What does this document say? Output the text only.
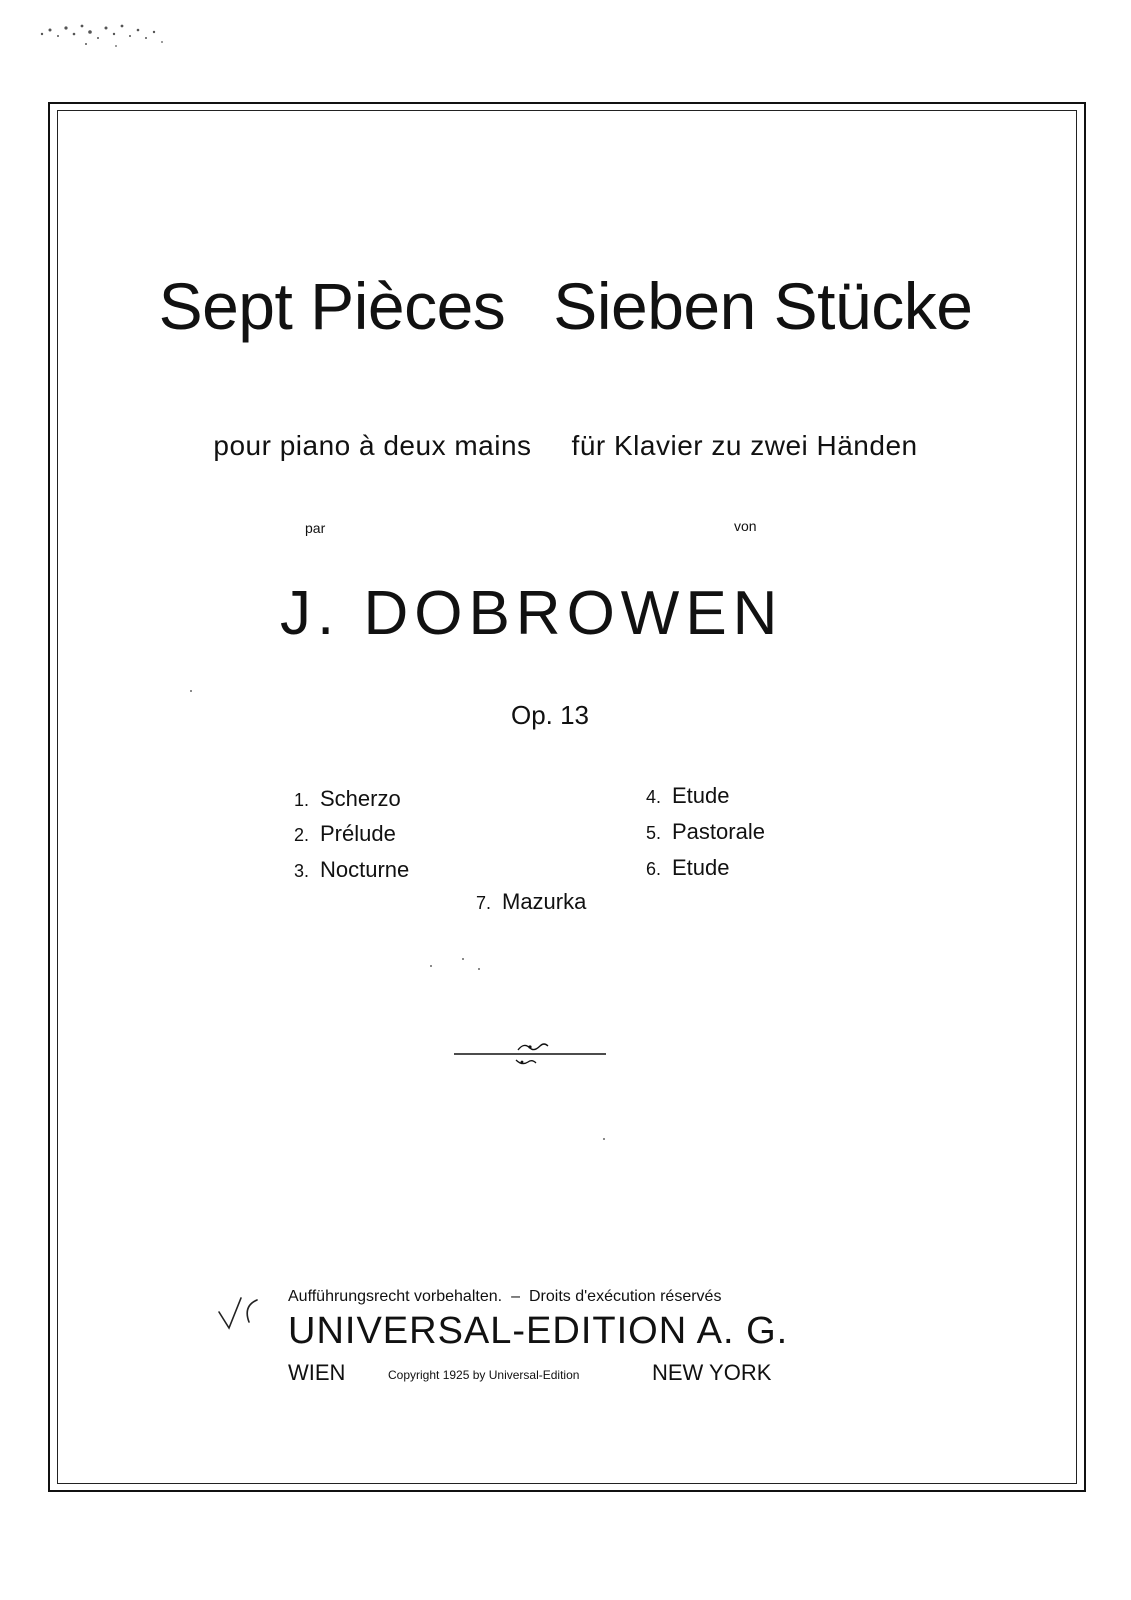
Sept Pièces Sieben Stücke
pour piano à deux mains für Klavier zu zwei Händen
par	von
J. DOBROWEN
Op. 13
1. Scherzo
2. Prélude
3. Nocturne
4. Etude
5. Pastorale
6. Etude
7. Mazurka
Aufführungsrecht vorbehalten. – Droits d'exécution réservés
UNIVERSAL-EDITION A. G.
WIEN	Copyright 1925 by Universal-Edition	NEW YORK
